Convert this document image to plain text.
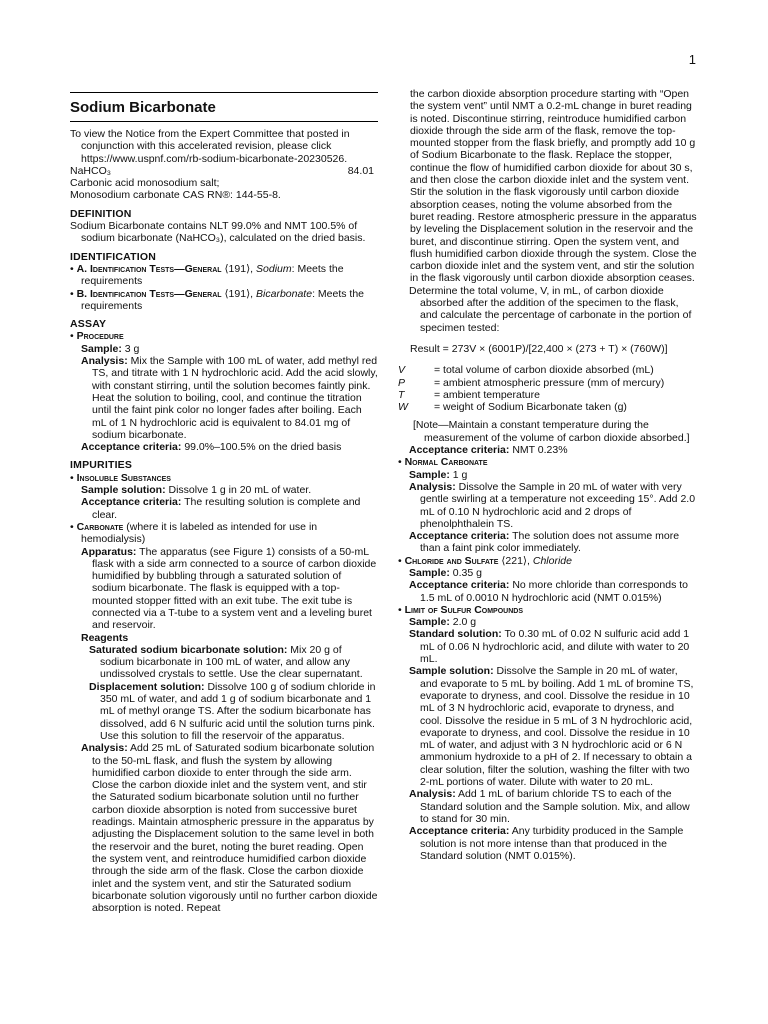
1
Sodium Bicarbonate

To view the Notice from the Expert Committee that posted in conjunction with this accelerated revision, please click https://www.uspnf.com/rb-sodium-bicarbonate-20230526.

NaHCO₃	84.01

Carbonic acid monosodium salt;

Monosodium carbonate CAS RN®: 144-55-8.

DEFINITION

Sodium Bicarbonate contains NLT 99.0% and NMT 100.5% of sodium bicarbonate (NaHCO₃), calculated on the dried basis.

IDENTIFICATION

• A. Identification Tests—General ⟨191⟩, Sodium: Meets the requirements

• B. Identification Tests—General ⟨191⟩, Bicarbonate: Meets the requirements

ASSAY

• Procedure

Sample: 3 g

Analysis: Mix the Sample with 100 mL of water, add methyl red TS, and titrate with 1 N hydrochloric acid. Add the acid slowly, with constant stirring, until the solution becomes faintly pink. Heat the solution to boiling, cool, and continue the titration until the faint pink color no longer fades after boiling. Each mL of 1 N hydrochloric acid is equivalent to 84.01 mg of sodium bicarbonate.

Acceptance criteria: 99.0%–100.5% on the dried basis

IMPURITIES

• Insoluble Substances

Sample solution: Dissolve 1 g in 20 mL of water.

Acceptance criteria: The resulting solution is complete and clear.

• Carbonate (where it is labeled as intended for use in hemodialysis)

Apparatus: The apparatus (see Figure 1) consists of a 50-mL flask with a side arm connected to a source of carbon dioxide humidified by bubbling through a saturated solution of sodium bicarbonate. The flask is equipped with a top-mounted stopper fitted with an exit tube. The exit tube is connected via a T-tube to a system vent and a leveling buret and reservoir.

Reagents

Saturated sodium bicarbonate solution: Mix 20 g of sodium bicarbonate in 100 mL of water, and allow any undissolved crystals to settle. Use the clear supernatant.

Displacement solution: Dissolve 100 g of sodium chloride in 350 mL of water, and add 1 g of sodium bicarbonate and 1 mL of methyl orange TS. After the sodium bicarbonate has dissolved, add 6 N sulfuric acid until the solution turns pink. Use this solution to fill the reservoir of the apparatus.

Analysis: Add 25 mL of Saturated sodium bicarbonate solution to the 50-mL flask, and flush the system by allowing humidified carbon dioxide to enter through the side arm. Close the carbon dioxide inlet and the system vent, and stir the Saturated sodium bicarbonate solution until no further carbon dioxide absorption is noted from successive buret readings. Maintain atmospheric pressure in the apparatus by adjusting the Displacement solution to the same level in both the reservoir and the buret, noting the buret reading. Open the system vent, and reintroduce humidified carbon dioxide through the side arm of the flask. Close the carbon dioxide inlet and the system vent, and stir the Saturated sodium bicarbonate solution vigorously until no further carbon dioxide absorption is noted. Repeat

the carbon dioxide absorption procedure starting with “Open the system vent” until NMT a 0.2-mL change in buret reading is noted. Discontinue stirring, reintroduce humidified carbon dioxide through the side arm of the flask, remove the top-mounted stopper from the flask briefly, and promptly add 10 g of Sodium Bicarbonate to the flask. Replace the stopper, continue the flow of humidified carbon dioxide for about 30 s, and then close the carbon dioxide inlet and the system vent. Stir the solution in the flask vigorously until carbon dioxide absorption ceases, noting the volume absorbed from the buret reading. Restore atmospheric pressure in the apparatus by leveling the Displacement solution in the reservoir and the buret, and discontinue stirring. Open the system vent, and flush humidified carbon dioxide through the system. Close the carbon dioxide inlet and the system vent, and stir the solution in the flask vigorously until carbon dioxide absorption ceases.

Determine the total volume, V, in mL, of carbon dioxide absorbed after the addition of the specimen to the flask, and calculate the percentage of carbonate in the portion of specimen tested:

Result = 273V × (6001P)/[22,400 × (273 + T) × (760W)]

V	= total volume of carbon dioxide absorbed (mL)
P	= ambient atmospheric pressure (mm of mercury)
T	= ambient temperature
W	= weight of Sodium Bicarbonate taken (g)

[Note—Maintain a constant temperature during the measurement of the volume of carbon dioxide absorbed.]

Acceptance criteria: NMT 0.23%

• Normal Carbonate

Sample: 1 g

Analysis: Dissolve the Sample in 20 mL of water with very gentle swirling at a temperature not exceeding 15°. Add 2.0 mL of 0.10 N hydrochloric acid and 2 drops of phenolphthalein TS.

Acceptance criteria: The solution does not assume more than a faint pink color immediately.

• Chloride and Sulfate ⟨221⟩, Chloride

Sample: 0.35 g

Acceptance criteria: No more chloride than corresponds to 1.5 mL of 0.0010 N hydrochloric acid (NMT 0.015%)

• Limit of Sulfur Compounds

Sample: 2.0 g

Standard solution: To 0.30 mL of 0.02 N sulfuric acid add 1 mL of 0.06 N hydrochloric acid, and dilute with water to 20 mL.

Sample solution: Dissolve the Sample in 20 mL of water, and evaporate to 5 mL by boiling. Add 1 mL of bromine TS, evaporate to dryness, and cool. Dissolve the residue in 10 mL of 3 N hydrochloric acid, evaporate to dryness, and cool. Dissolve the residue in 5 mL of 3 N hydrochloric acid, evaporate to dryness, and cool. Dissolve the residue in 10 mL of water, and adjust with 3 N hydrochloric acid or 6 N ammonium hydroxide to a pH of 2. If necessary to obtain a clear solution, filter the solution, washing the filter with two 2-mL portions of water. Dilute with water to 20 mL.

Analysis: Add 1 mL of barium chloride TS to each of the Standard solution and the Sample solution. Mix, and allow to stand for 30 min.

Acceptance criteria: Any turbidity produced in the Sample solution is not more intense than that produced in the Standard solution (NMT 0.015%).
